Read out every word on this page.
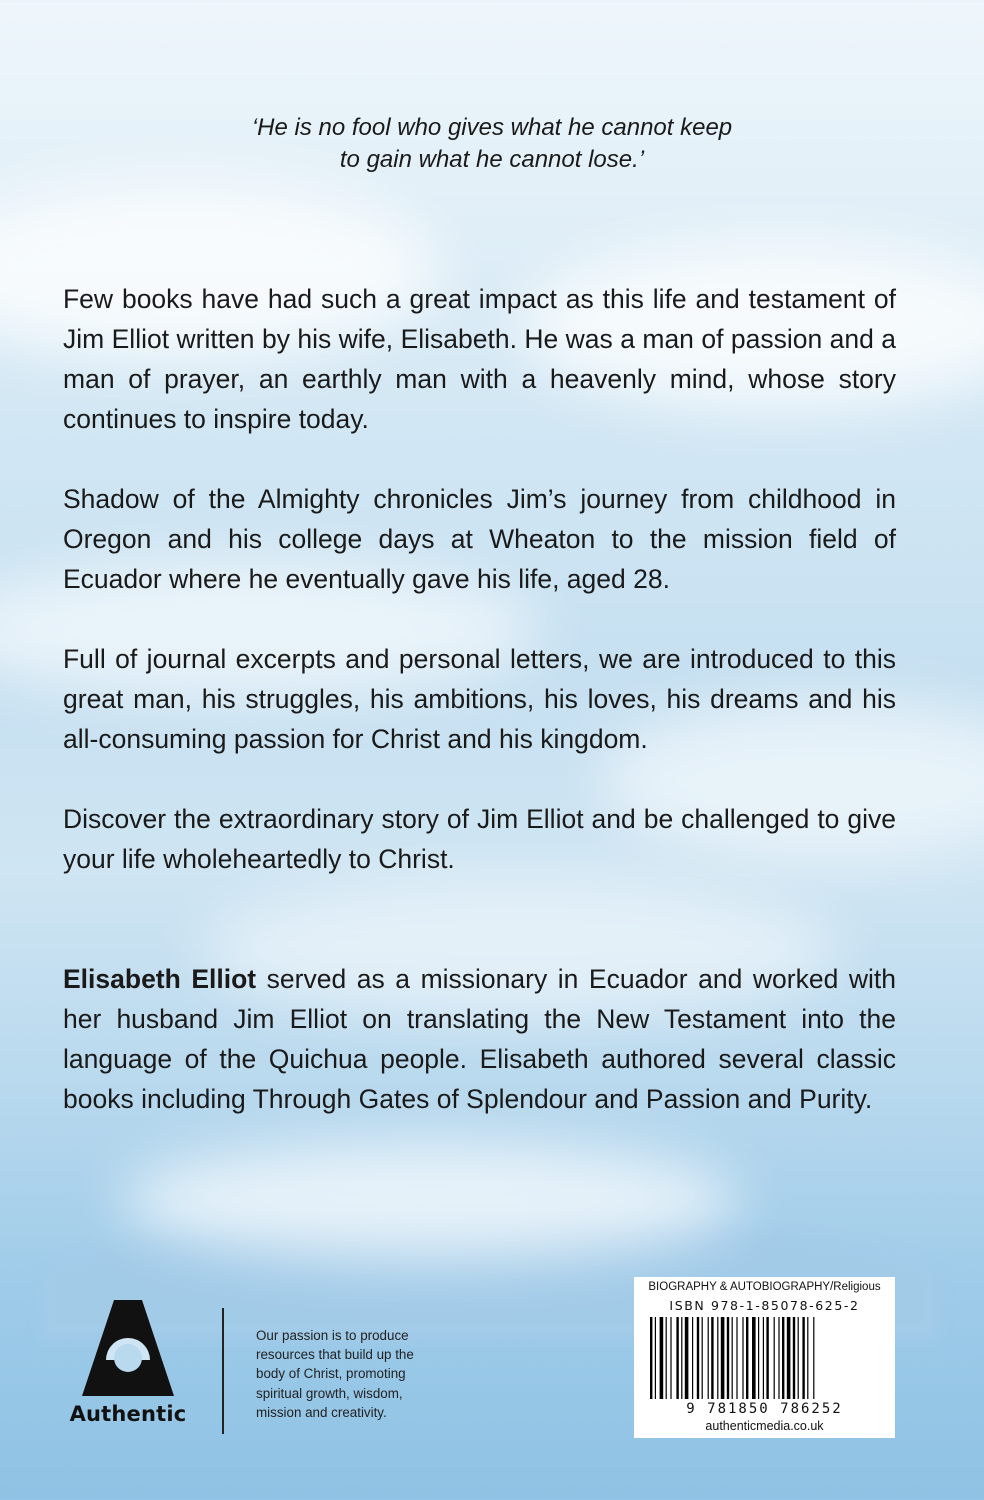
‘He is no fool who gives what he cannot keep
to gain what he cannot lose.’
Few books have had such a great impact as this life and testament of Jim Elliot written by his wife, Elisabeth. He was a man of passion and a man of prayer, an earthly man with a heavenly mind, whose story continues to inspire today.
Shadow of the Almighty chronicles Jim’s journey from childhood in Oregon and his college days at Wheaton to the mission field of Ecuador where he eventually gave his life, aged 28.
Full of journal excerpts and personal letters, we are introduced to this great man, his struggles, his ambitions, his loves, his dreams and his all-consuming passion for Christ and his kingdom.
Discover the extraordinary story of Jim Elliot and be challenged to give your life wholeheartedly to Christ.
Elisabeth Elliot served as a missionary in Ecuador and worked with her husband Jim Elliot on translating the New Testament into the language of the Quichua people. Elisabeth authored several classic books including Through Gates of Splendour and Passion and Purity.
Authentic
Our passion is to produce resources that build up the body of Christ, promoting spiritual growth, wisdom, mission and creativity.
BIOGRAPHY & AUTOBIOGRAPHY/Religious
ISBN 978-1-85078-625-2
9 781850 786252
authenticmedia.co.uk
